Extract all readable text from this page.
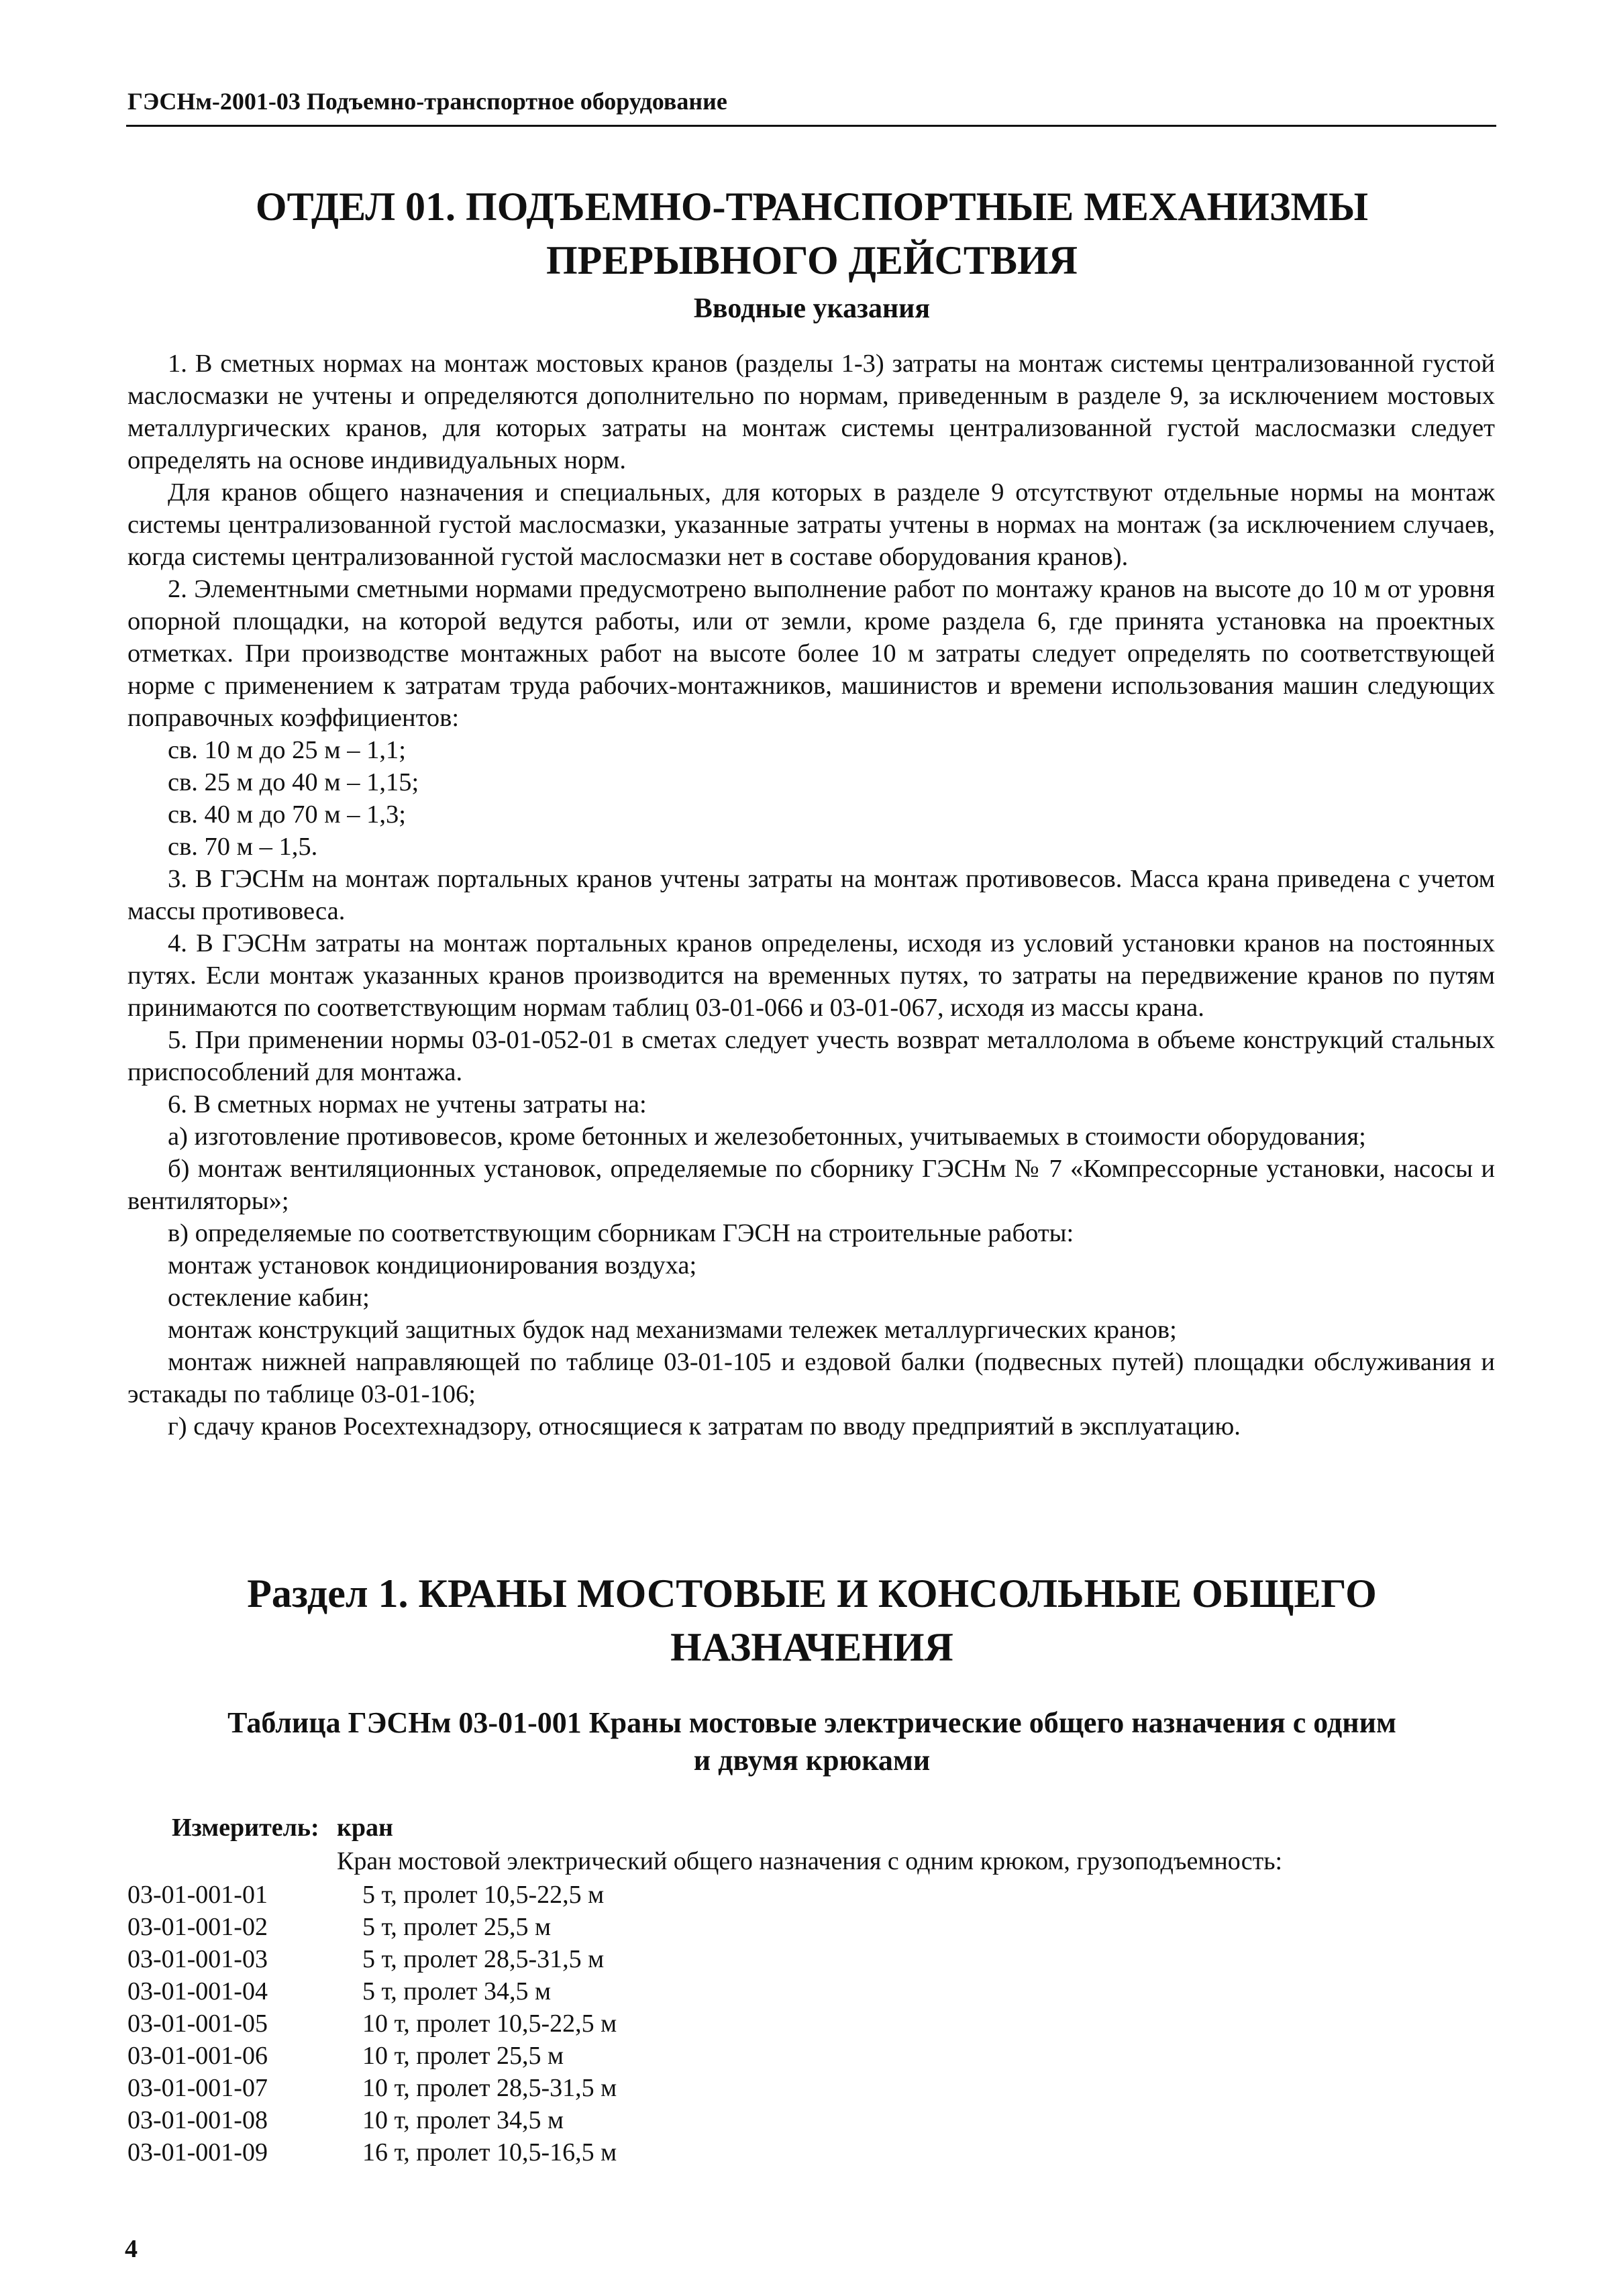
ГЭСНм-2001-03 Подъемно-транспортное оборудование
ОТДЕЛ 01. ПОДЪЕМНО-ТРАНСПОРТНЫЕ МЕХАНИЗМЫ
ПРЕРЫВНОГО ДЕЙСТВИЯ
Вводные указания

1. В сметных нормах на монтаж мостовых кранов (разделы 1-3) затраты на монтаж системы централизованной густой маслосмазки не учтены и определяются дополнительно по нормам, приведенным в разделе 9, за исключением мостовых металлургических кранов, для которых затраты на монтаж системы централизованной густой маслосмазки следует определять на основе индивидуальных норм.

Для кранов общего назначения и специальных, для которых в разделе 9 отсутствуют отдельные нормы на монтаж системы централизованной густой маслосмазки, указанные затраты учтены в нормах на монтаж (за исключением случаев, когда системы централизованной густой маслосмазки нет в составе оборудования кранов).

2. Элементными сметными нормами предусмотрено выполнение работ по монтажу кранов на высоте до 10 м от уровня опорной площадки, на которой ведутся работы, или от земли, кроме раздела 6, где принята установка на проектных отметках. При производстве монтажных работ на высоте более 10 м затраты следует определять по соответствующей норме с применением к затратам труда рабочих-монтажников, машинистов и времени использования машин следующих поправочных коэффициентов:

св. 10 м до 25 м – 1,1;

св. 25 м до 40 м – 1,15;

св. 40 м до 70 м – 1,3;

св. 70 м – 1,5.

3. В ГЭСНм на монтаж портальных кранов учтены затраты на монтаж противовесов. Масса крана приведена с учетом массы противовеса.

4. В ГЭСНм затраты на монтаж портальных кранов определены, исходя из условий установки кранов на постоянных путях. Если монтаж указанных кранов производится на временных путях, то затраты на передвижение кранов по путям принимаются по соответствующим нормам таблиц 03-01-066 и 03-01-067, исходя из массы крана.

5. При применении нормы 03-01-052-01 в сметах следует учесть возврат металлолома в объеме конструкций стальных приспособлений для монтажа.

6. В сметных нормах не учтены затраты на:

а) изготовление противовесов, кроме бетонных и железобетонных, учитываемых в стоимости оборудования;

б) монтаж вентиляционных установок, определяемые по сборнику ГЭСНм № 7 «Компрессорные установки, насосы и вентиляторы»;

в) определяемые по соответствующим сборникам ГЭСН на строительные работы:

монтаж установок кондиционирования воздуха;

остекление кабин;

монтаж конструкций защитных будок над механизмами тележек металлургических кранов;

монтаж нижней направляющей по таблице 03-01-105 и ездовой балки (подвесных путей) площадки обслуживания и эстакады по таблице 03-01-106;

г) сдачу кранов Росехтехнадзору, относящиеся к затратам по вводу предприятий в эксплуатацию.

Раздел 1. КРАНЫ МОСТОВЫЕ И КОНСОЛЬНЫЕ ОБЩЕГО
НАЗНАЧЕНИЯ
Таблица ГЭСНм 03-01-001 Краны мостовые электрические общего назначения с одним
и двумя крюками
Измеритель: кран
Кран мостовой электрический общего назначения с одним крюком, грузоподъемность:
03-01-001-01	5 т, пролет 10,5-22,5 м
03-01-001-02	5 т, пролет 25,5 м
03-01-001-03	5 т, пролет 28,5-31,5 м
03-01-001-04	5 т, пролет 34,5 м
03-01-001-05	10 т, пролет 10,5-22,5 м
03-01-001-06	10 т, пролет 25,5 м
03-01-001-07	10 т, пролет 28,5-31,5 м
03-01-001-08	10 т, пролет 34,5 м
03-01-001-09	16 т, пролет 10,5-16,5 м
4
